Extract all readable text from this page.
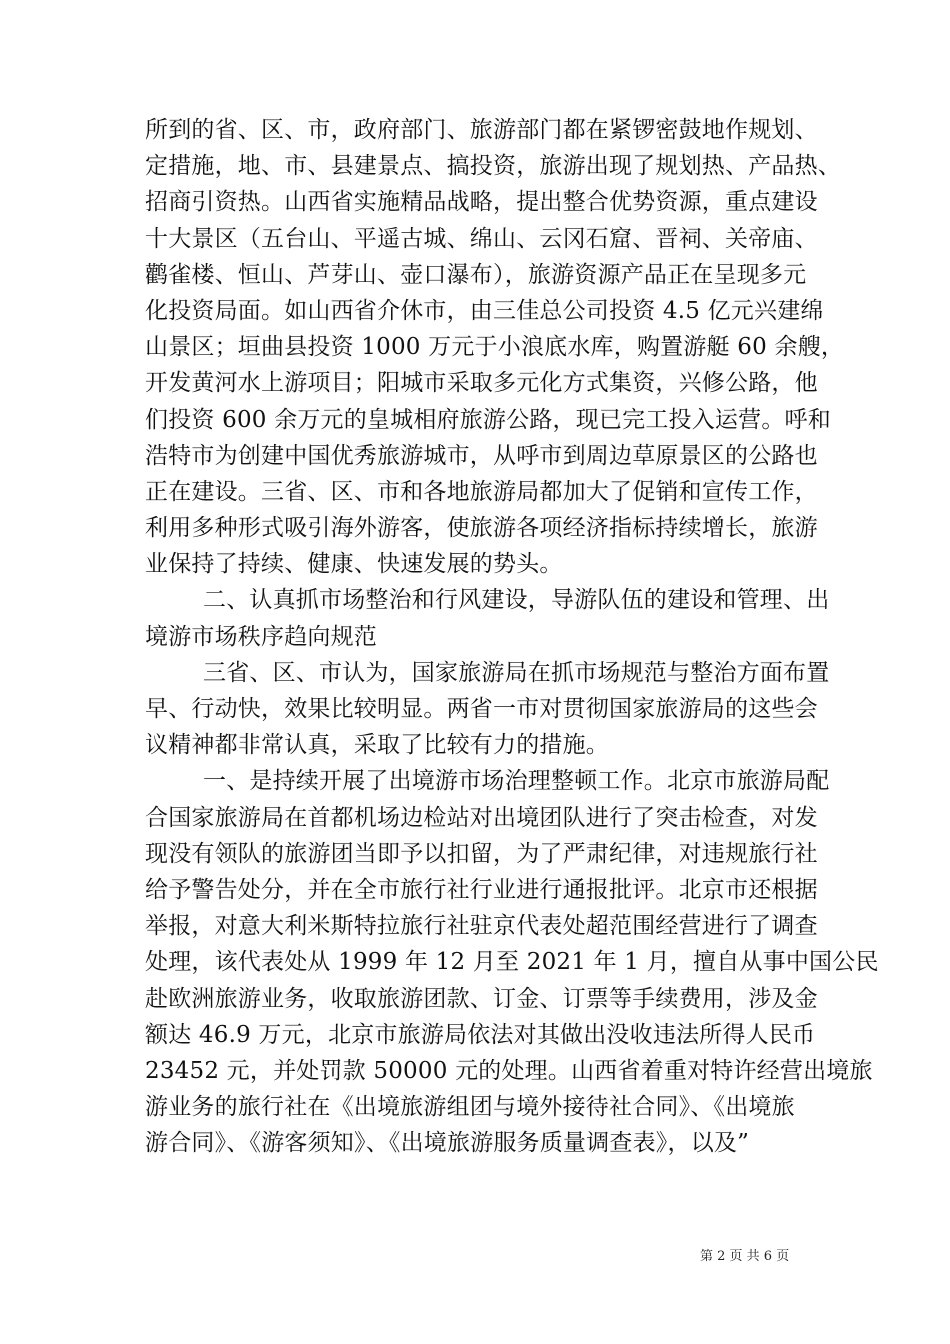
所到的省、区、市，政府部门、旅游部门都在紧锣密鼓地作规划、
定措施，地、市、县建景点、搞投资，旅游出现了规划热、产品热、
招商引资热。山西省实施精品战略，提出整合优势资源，重点建设
十大景区（五台山、平遥古城、绵山、云冈石窟、晋祠、关帝庙、
鹳雀楼、恒山、芦芽山、壶口瀑布），旅游资源产品正在呈现多元
化投资局面。如山西省介休市，由三佳总公司投资 4.5 亿元兴建绵
山景区；垣曲县投资 1000 万元于小浪底水库，购置游艇 60 余艘，
开发黄河水上游项目；阳城市采取多元化方式集资，兴修公路，他
们投资 600 余万元的皇城相府旅游公路，现已完工投入运营。呼和
浩特市为创建中国优秀旅游城市，从呼市到周边草原景区的公路也
正在建设。三省、区、市和各地旅游局都加大了促销和宣传工作，
利用多种形式吸引海外游客，使旅游各项经济指标持续增长，旅游
业保持了持续、健康、快速发展的势头。
二、认真抓市场整治和行风建设，导游队伍的建设和管理、出
境游市场秩序趋向规范
三省、区、市认为，国家旅游局在抓市场规范与整治方面布置
早、行动快，效果比较明显。两省一市对贯彻国家旅游局的这些会
议精神都非常认真，采取了比较有力的措施。
一、是持续开展了出境游市场治理整顿工作。北京市旅游局配
合国家旅游局在首都机场边检站对出境团队进行了突击检查，对发
现没有领队的旅游团当即予以扣留，为了严肃纪律，对违规旅行社
给予警告处分，并在全市旅行社行业进行通报批评。北京市还根据
举报，对意大利米斯特拉旅行社驻京代表处超范围经营进行了调查
处理，该代表处从 1999 年 12 月至 2021 年 1 月，擅自从事中国公民
赴欧洲旅游业务，收取旅游团款、订金、订票等手续费用，涉及金
额达 46.9 万元，北京市旅游局依法对其做出没收违法所得人民币
23452 元，并处罚款 50000 元的处理。山西省着重对特许经营出境旅
游业务的旅行社在《出境旅游组团与境外接待社合同》、《出境旅
游合同》、《游客须知》、《出境旅游服务质量调查表》，以及”
第 2 页 共 6 页
